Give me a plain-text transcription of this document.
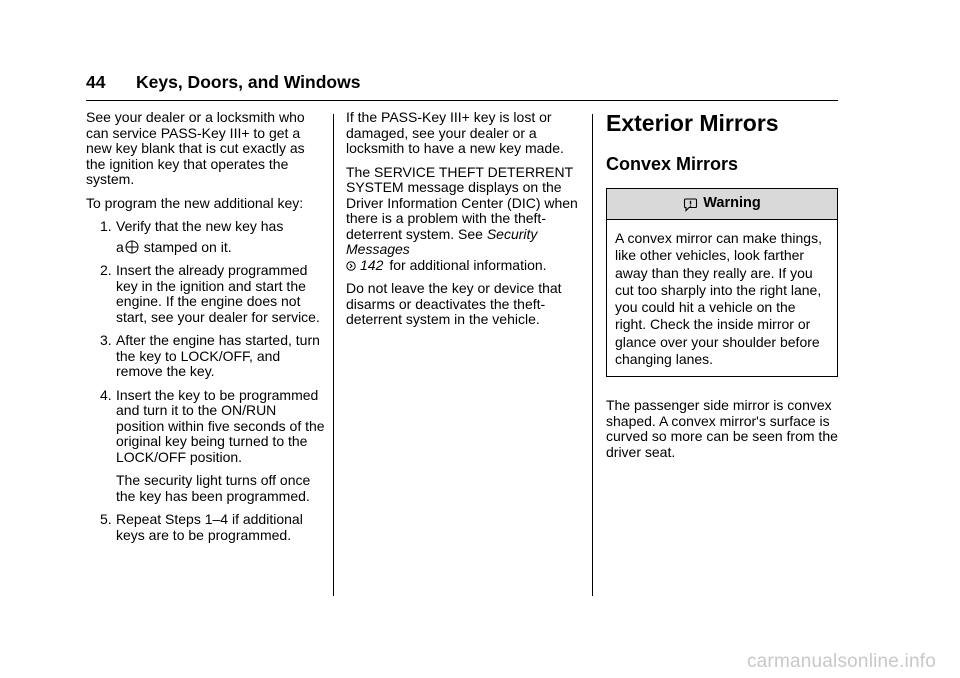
44 Keys, Doors, and Windows

See your dealer or a locksmith who can service PASS-Key III+ to get a new key blank that is cut exactly as the ignition key that operates the system.

To program the new additional key:

1. Verify that the new key has
a stamped on it.
2. Insert the already programmed key in the ignition and start the engine. If the engine does not start, see your dealer for service.
3. After the engine has started, turn the key to LOCK/OFF, and remove the key.
4. Insert the key to be programmed and turn it to the ON/RUN position within five seconds of the original key being turned to the LOCK/OFF position.
The security light turns off once the key has been programmed.
5. Repeat Steps 1–4 if additional keys are to be programmed.

If the PASS-Key III+ key is lost or damaged, see your dealer or a locksmith to have a new key made.

The SERVICE THEFT DETERRENT SYSTEM message displays on the Driver Information Center (DIC) when there is a problem with the theft-deterrent system. See Security Messages
142 for additional information.

Do not leave the key or device that disarms or deactivates the theft-deterrent system in the vehicle.

Exterior Mirrors
Convex Mirrors
Warning
A convex mirror can make things, like other vehicles, look farther away than they really are. If you cut too sharply into the right lane, you could hit a vehicle on the right. Check the inside mirror or glance over your shoulder before changing lanes.

The passenger side mirror is convex shaped. A convex mirror's surface is curved so more can be seen from the driver seat.

carmanualsonline.info
